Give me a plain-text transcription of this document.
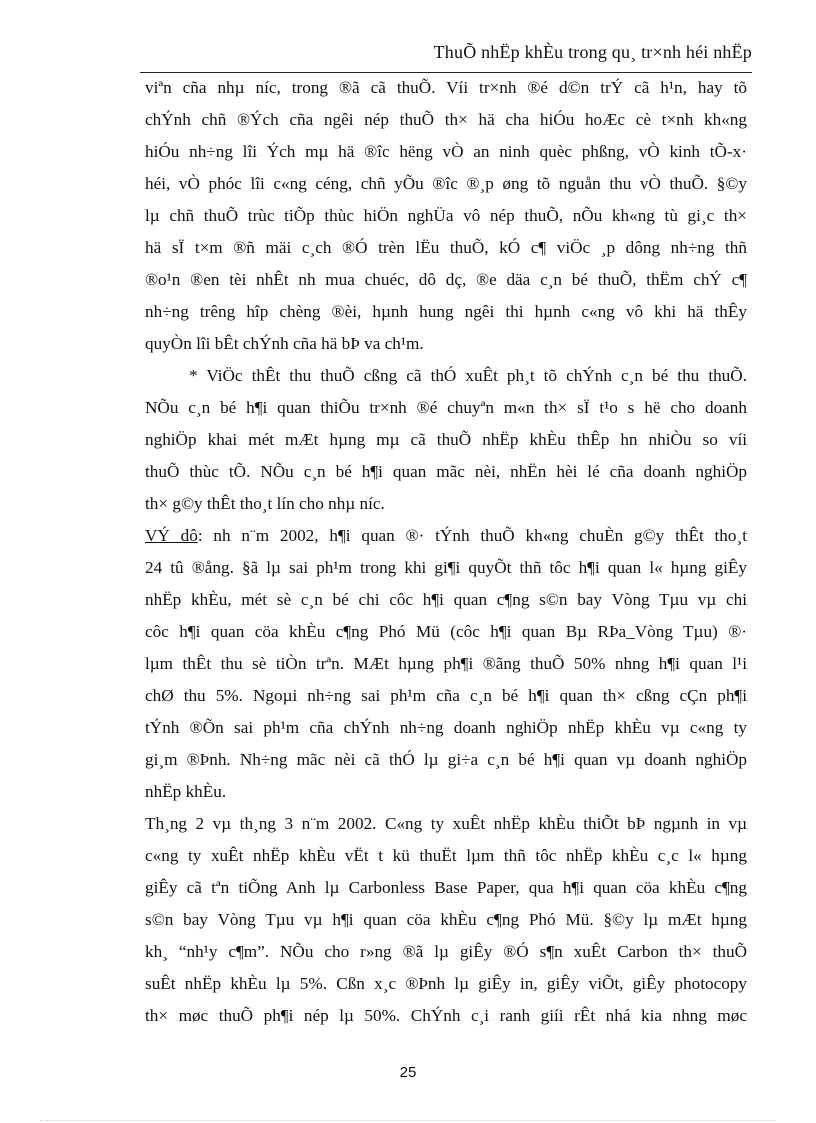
ThuÕ nhËp khÈu trong qu¸ tr×nh héi nhËp
viªn cña nhµ níc, trong ®ã cã thuÕ. Víi tr×nh ®é d©n trÝ cã h¹n, hay tõ
chÝnh chñ ®Ých cña ngêi nép thuÕ th× hä cha hiÓu hoÆc cè t×nh kh«ng
hiÓu nh÷ng lîi Ých mµ hä ®îc hëng vÒ an ninh quèc phßng, vÒ kinh tÕ-x·
héi, vÒ phóc lîi c«ng céng, chñ yÕu ®îc ®¸p øng tõ nguån thu vÒ thuÕ. §©y
lµ chñ thuÕ trùc tiÕp thùc hiÖn nghÜa vô nép thuÕ, nÕu kh«ng tù gi¸c th×
hä sÏ t×m ®ñ mäi c¸ch ®Ó trèn lËu thuÕ, kÓ c¶ viÖc ¸p dông nh÷ng thñ
®o¹n ®en tèi nhÊt nh mua chuéc, dô dç, ®e däa c¸n bé thuÕ, thËm chÝ c¶
nh÷ng trêng hîp chèng ®èi, hµnh hung ngêi thi hµnh c«ng vô khi hä thÊy
quyÒn lîi bÊt chÝnh cña hä bÞ va ch¹m.
* ViÖc thÊt thu thuÕ cßng cã thÓ xuÊt ph¸t tõ chÝnh c¸n bé thu thuÕ.
NÕu c¸n bé h¶i quan thiÕu tr×nh ®é chuyªn m«n th× sÏ t¹o s hë cho doanh
nghiÖp khai mét mÆt hµng mµ cã thuÕ nhËp khÈu thÊp hn nhiÒu so víi
thuÕ thùc tÕ. NÕu c¸n bé h¶i quan mãc nèi, nhËn hèi lé cña doanh nghiÖp
th× g©y thÊt tho¸t lín cho nhµ níc.
VÝ dô: nh n¨m 2002, h¶i quan ®· tÝnh thuÕ kh«ng chuÈn g©y thÊt tho¸t
24 tû ®ång. §ã lµ sai ph¹m trong khi gi¶i quyÕt thñ tôc h¶i quan l« hµng giÊy
nhËp khÈu, mét sè c¸n bé chi côc h¶i quan c¶ng s©n bay Vòng Tµu vµ chi
côc h¶i quan cöa khÈu c¶ng Phó Mü (côc h¶i quan Bµ RÞa_Vòng Tµu) ®·
lµm thÊt thu sè tiÒn trªn. MÆt hµng ph¶i ®ãng thuÕ 50% nhng h¶i quan l¹i
chØ thu 5%. Ngoµi nh÷ng sai ph¹m cña c¸n bé h¶i quan th× cßng cÇn ph¶i
tÝnh ®Õn sai ph¹m cña chÝnh nh÷ng doanh nghiÖp nhËp khÈu vµ c«ng ty
gi¸m ®Þnh. Nh÷ng mãc nèi cã thÓ lµ gi÷a c¸n bé h¶i quan vµ doanh nghiÖp
nhËp khÈu.
Th¸ng 2 vµ th¸ng 3 n¨m 2002. C«ng ty xuÊt nhËp khÈu thiÕt bÞ ngµnh in vµ
c«ng ty xuÊt nhËp khÈu vËt t kü thuËt lµm thñ tôc nhËp khÈu c¸c l« hµng
giÊy cã tªn tiÕng Anh lµ Carbonless Base Paper, qua h¶i quan cöa khÈu c¶ng
s©n bay Vòng Tµu vµ h¶i quan cöa khÈu c¶ng Phó Mü. §©y lµ mÆt hµng
kh¸ “nh¹y c¶m”. NÕu cho r»ng ®ã lµ giÊy ®Ó s¶n xuÊt Carbon th× thuÕ
suÊt nhËp khÈu lµ 5%. Cßn x¸c ®Þnh lµ giÊy in, giÊy viÕt, giÊy photocopy
th× møc thuÕ ph¶i nép lµ 50%. ChÝnh c¸i ranh giíi rÊt nhá kia nhng møc
25
